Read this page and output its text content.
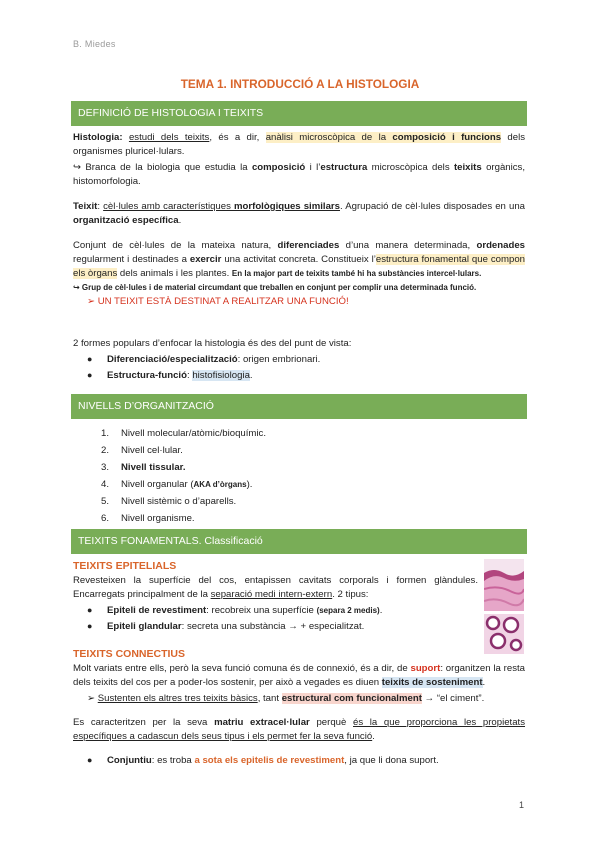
B. Miedes
TEMA 1. INTRODUCCIÓ A LA HISTOLOGIA
DEFINICIÓ DE HISTOLOGIA I TEIXITS

Histologia: estudi dels teixits, és a dir, anàlisi microscòpica de la composició i funcions dels organismes pluricel·lulars.

↪ Branca de la biologia que estudia la composició i l’estructura microscòpica dels teixits orgànics, histomorfologia.

Teixit: cèl·lules amb característiques morfològiques similars. Agrupació de cèl·lules disposades en una organització específica.

Conjunt de cèl·lules de la mateixa natura, diferenciades d’una manera determinada, ordenades regularment i destinades a exercir una activitat concreta. Constitueix l’estructura fonamental que compon els òrgans dels animals i les plantes. En la major part de teixits també hi ha substàncies intercel·lulars.

↪ Grup de cèl·lules i de material circumdant que treballen en conjunt per complir una determinada funció.

➢ UN TEIXIT ESTÀ DESTINAT A REALITZAR UNA FUNCIÓ!

2 formes populars d’enfocar la histologia és des del punt de vista:

● Diferenciació/especialització: origen embrionari.
● Estructura-funció: histofisiologia.
NIVELLS D’ORGANITZACIÓ
1. Nivell molecular/atòmic/bioquímic.
2. Nivell cel·lular.
3. Nivell tissular.
4. Nivell organular (AKA d’òrgans).
5. Nivell sistèmic o d’aparells.
6. Nivell organisme.
TEIXITS FONAMENTALS. Classificació

TEIXITS EPITELIALS

Revesteixen la superfície del cos, entapissen cavitats corporals i formen glàndules. Encarregats principalment de la separació medi intern-extern. 2 tipus:

● Epiteli de revestiment: recobreix una superfície (separa 2 medis).
● Epiteli glandular: secreta una substància → + especialitzat.

TEIXITS CONNECTIUS

Molt variats entre ells, però la seva funció comuna és de connexió, és a dir, de suport: organitzen la resta dels teixits del cos per a poder-los sostenir, per això a vegades es diuen teixits de sosteniment.

➢ Sustenten els altres tres teixits bàsics, tant estructural com funcionalment → “el ciment”.

Es caracteritzen per la seva matriu extracel·lular perquè és la que proporciona les propietats específiques a cadascun dels seus tipus i els permet fer la seva funció.

● Conjuntiu: es troba a sota els epitelis de revestiment, ja que li dona suport.
1
